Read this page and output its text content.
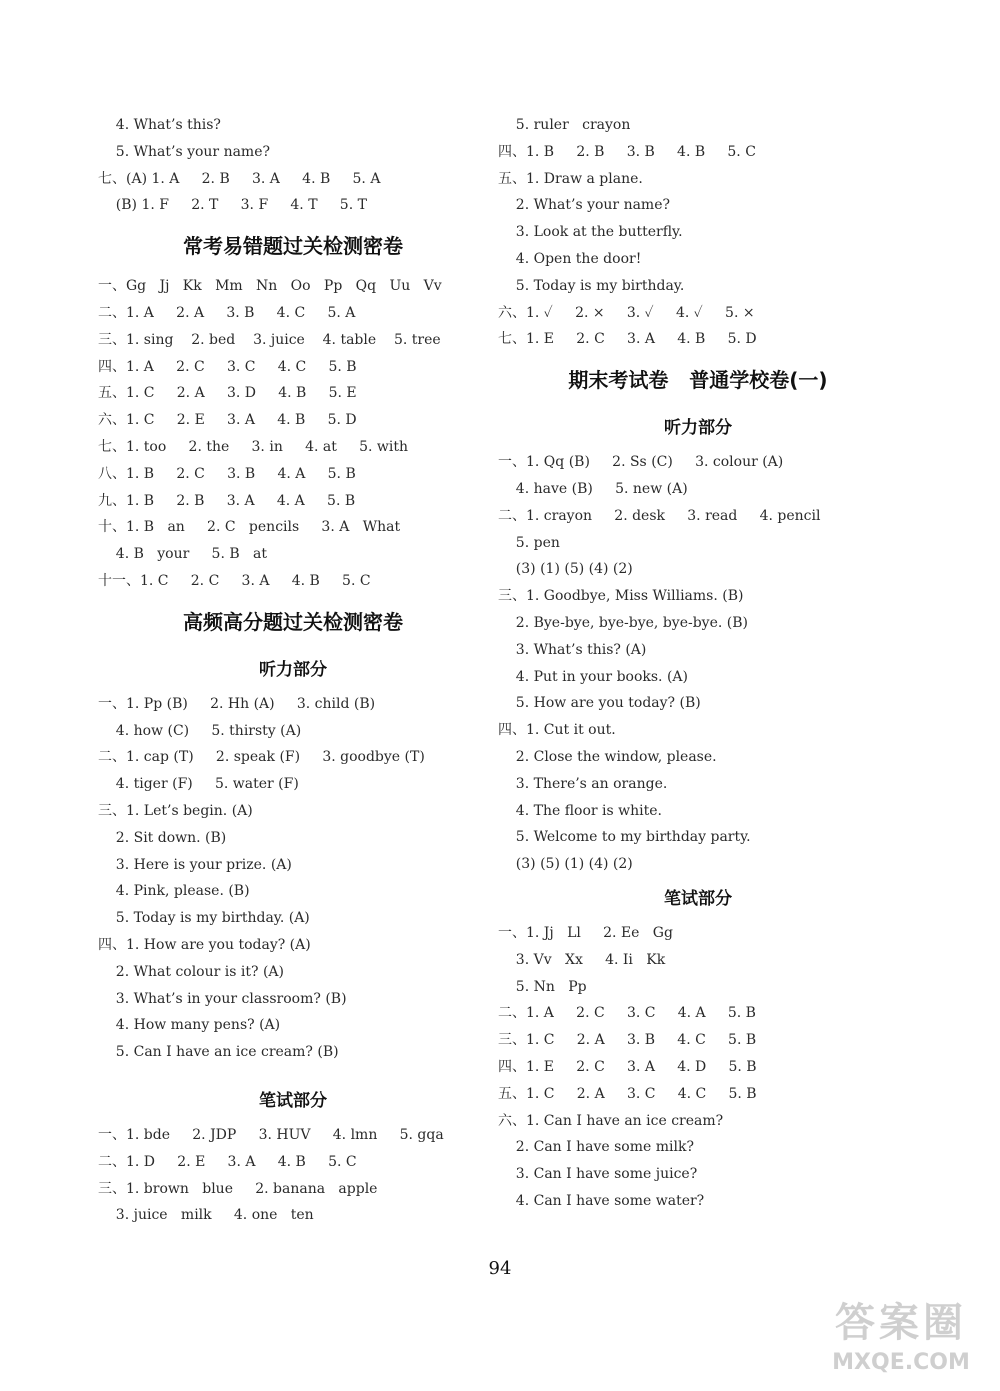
4. What’s this?
5. What’s your name?
七、(A) 1. A     2. B     3. A     4. B     5. A
(B) 1. F     2. T     3. F     4. T     5. T
常考易错题过关检测密卷
一、Gg   Jj   Kk   Mm   Nn   Oo   Pp   Qq   Uu   Vv
二、1. A     2. A     3. B     4. C     5. A
三、1. sing    2. bed    3. juice    4. table    5. tree
四、1. A     2. C     3. C     4. C     5. B
五、1. C     2. A     3. D     4. B     5. E
六、1. C     2. E     3. A     4. B     5. D
七、1. too     2. the     3. in     4. at     5. with
八、1. B     2. C     3. B     4. A     5. B
九、1. B     2. B     3. A     4. A     5. B
十、1. B   an     2. C   pencils     3. A   What
4. B   your     5. B   at
十一、1. C     2. C     3. A     4. B     5. C
高频高分题过关检测密卷
听力部分
一、1. Pp (B)     2. Hh (A)     3. child (B)
4. how (C)     5. thirsty (A)
二、1. cap (T)     2. speak (F)     3. goodbye (T)
4. tiger (F)     5. water (F)
三、1. Let’s begin. (A)
2. Sit down. (B)
3. Here is your prize. (A)
4. Pink, please. (B)
5. Today is my birthday. (A)
四、1. How are you today? (A)
2. What colour is it? (A)
3. What’s in your classroom? (B)
4. How many pens? (A)
5. Can I have an ice cream? (B)
笔试部分
一、1. bde     2. JDP     3. HUV     4. lmn     5. gqa
二、1. D     2. E     3. A     4. B     5. C
三、1. brown   blue     2. banana   apple
3. juice   milk     4. one   ten
5. ruler   crayon
四、1. B     2. B     3. B     4. B     5. C
五、1. Draw a plane.
2. What’s your name?
3. Look at the butterfly.
4. Open the door!
5. Today is my birthday.
六、1. ✓     2. ×     3. ✓     4. ✓     5. ×
七、1. E     2. C     3. A     4. B     5. D
期末考试卷   普通学校卷(一)
听力部分
一、1. Qq (B)     2. Ss (C)     3. colour (A)
4. have (B)     5. new (A)
二、1. crayon     2. desk     3. read     4. pencil
5. pen
(3) (1) (5) (4) (2)
三、1. Goodbye, Miss Williams. (B)
2. Bye-bye, bye-bye, bye-bye. (B)
3. What’s this? (A)
4. Put in your books. (A)
5. How are you today? (B)
四、1. Cut it out.
2. Close the window, please.
3. There’s an orange.
4. The floor is white.
5. Welcome to my birthday party.
(3) (5) (1) (4) (2)
笔试部分
一、1. Jj   Ll     2. Ee   Gg
3. Vv   Xx     4. Ii   Kk
5. Nn   Pp
二、1. A     2. C     3. C     4. A     5. B
三、1. C     2. A     3. B     4. C     5. B
四、1. E     2. C     3. A     4. D     5. B
五、1. C     2. A     3. C     4. C     5. B
六、1. Can I have an ice cream?
2. Can I have some milk?
3. Can I have some juice?
4. Can I have some water?
94
答案圈
MXQE.COM
